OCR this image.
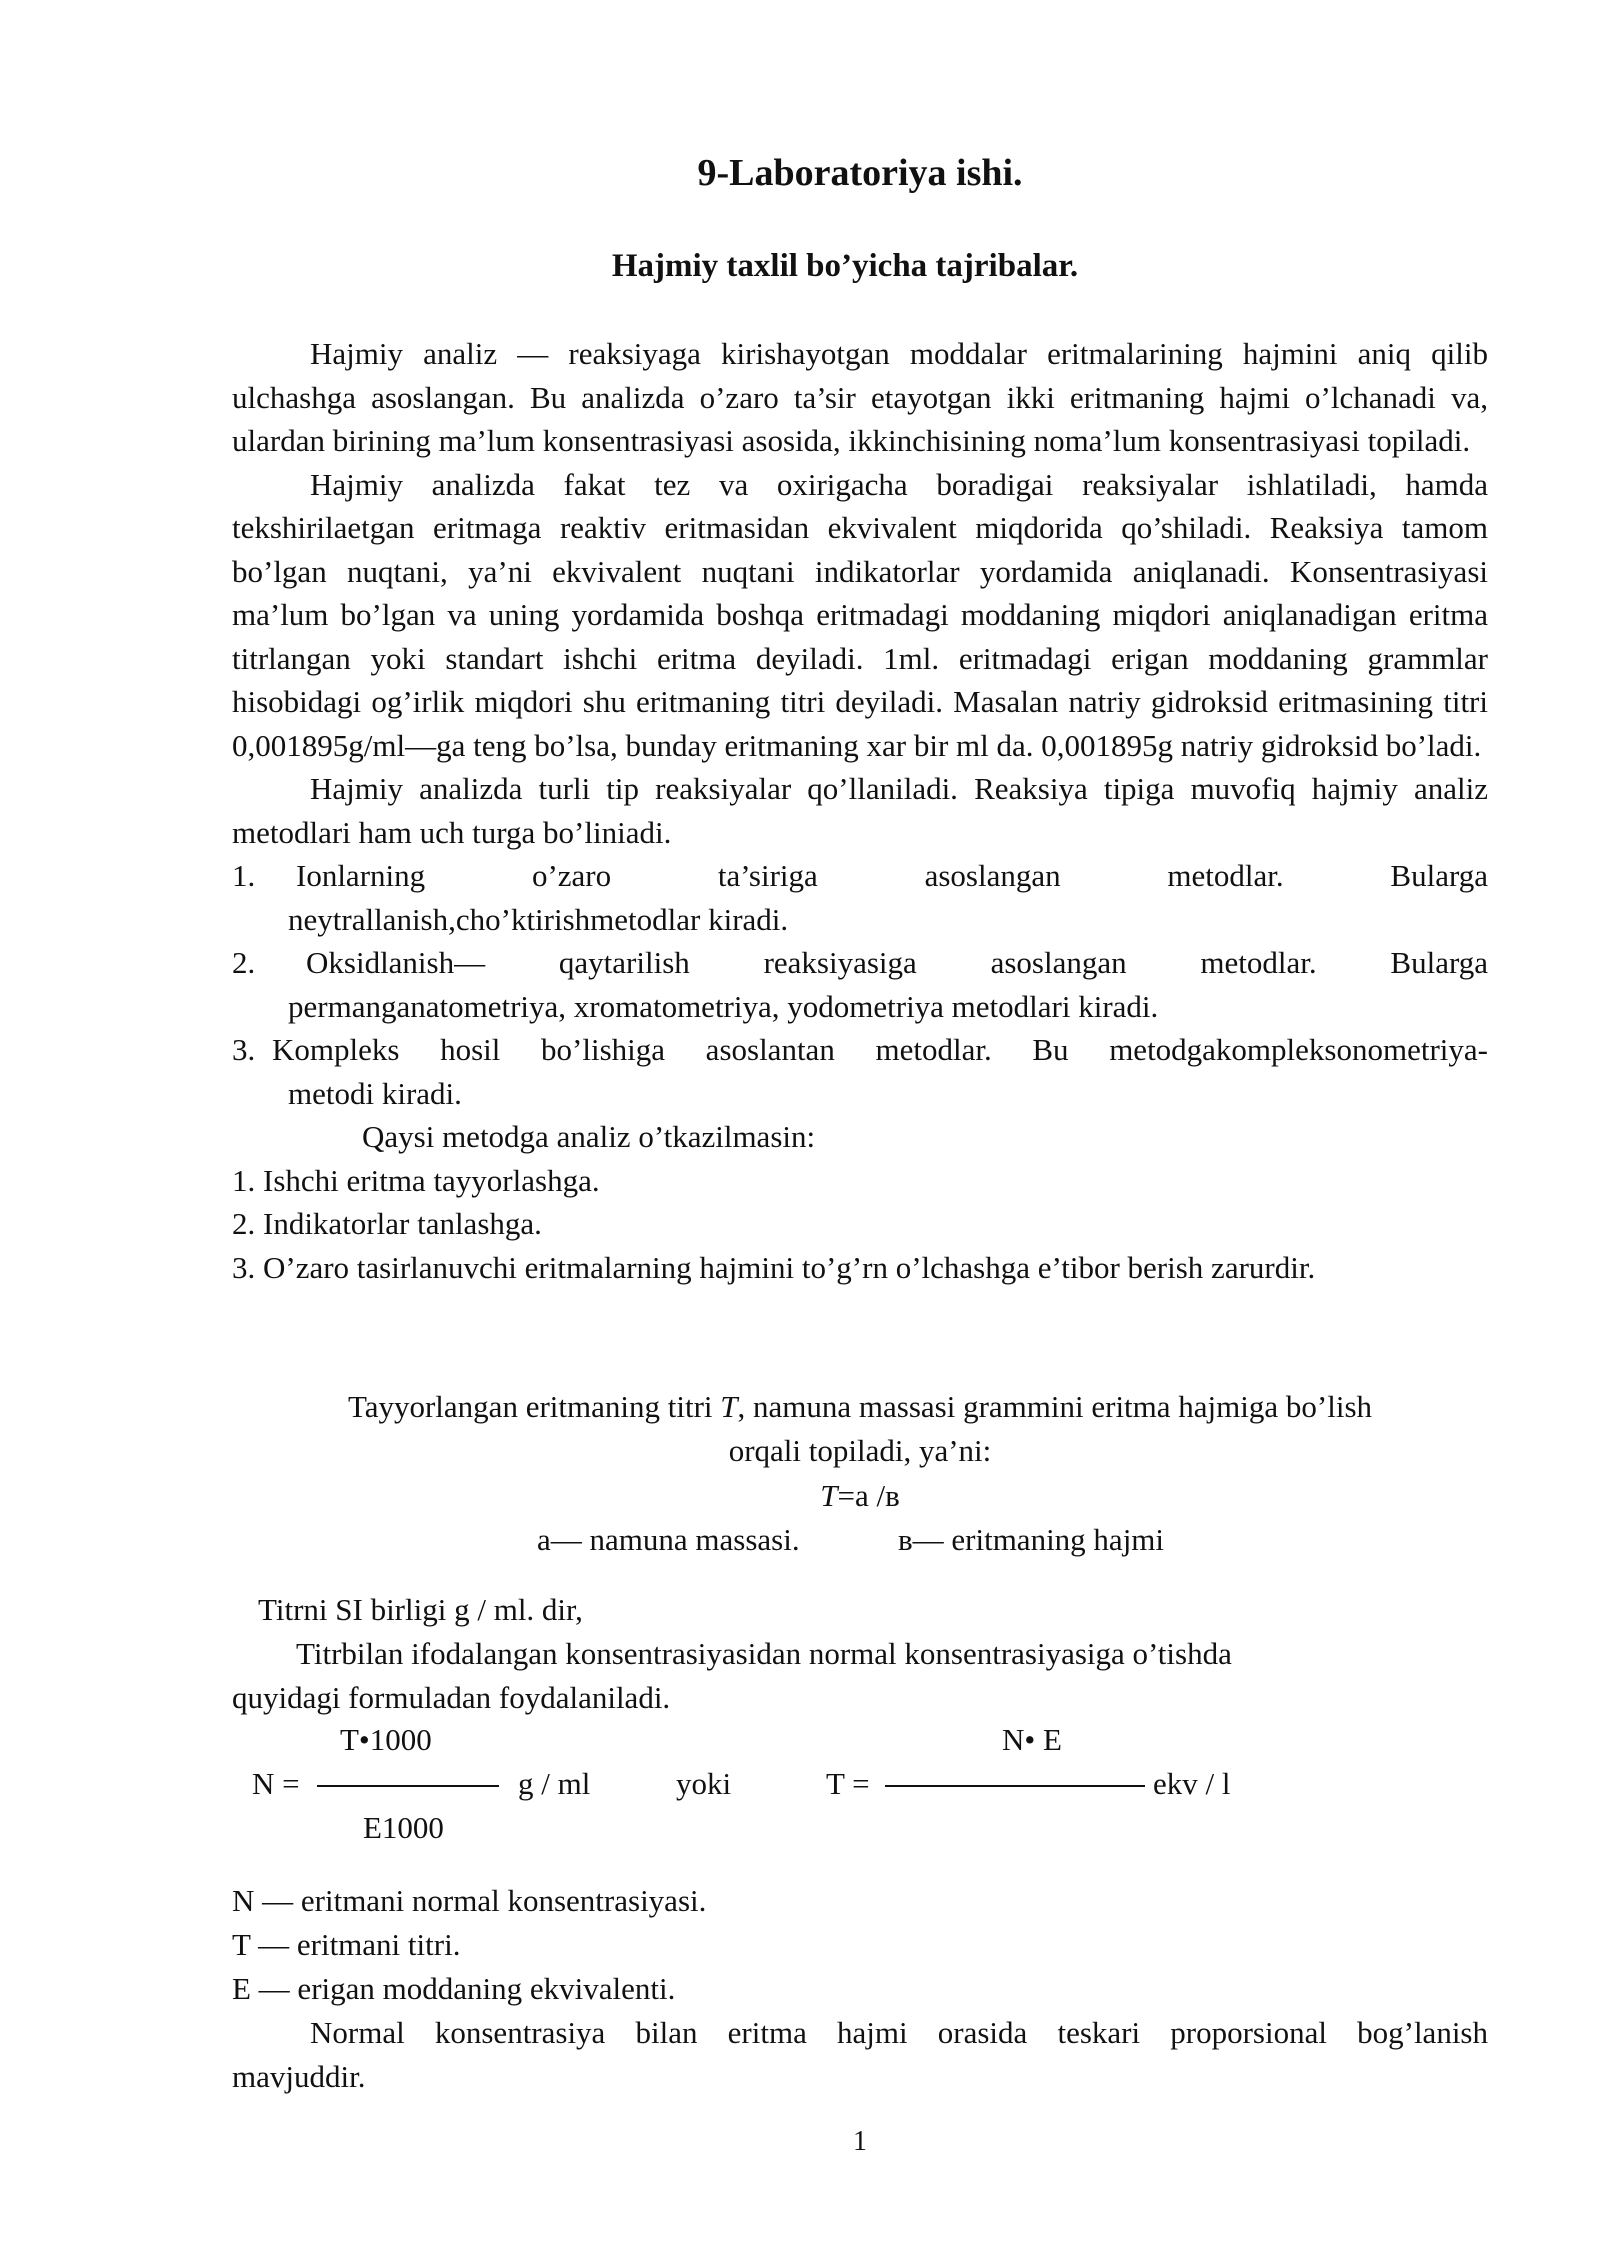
9-Laboratoriya ishi.
Hajmiy taxlil bo’yicha tajribalar.

Hajmiy analiz — reaksiyaga kirishayotgan moddalar eritmalarining hajmini aniq qilib ulchashga asoslangan. Bu analizda o’zaro ta’sir etayotgan ikki eritmaning hajmi o’lchanadi va, ulardan birining ma’lum konsentrasiyasi asosida, ikkinchisining noma’lum konsentrasiyasi topiladi.

Hajmiy analizda fakat tez va oxirigacha boradigai reaksiyalar ishlatiladi, hamda tekshirilaetgan eritmaga reaktiv eritmasidan ekvivalent miqdorida qo’shiladi. Reaksiya tamom bo’lgan nuqtani, ya’ni ekvivalent nuqtani indikatorlar yordamida aniqlanadi. Konsentrasiyasi ma’lum bo’lgan va uning yordamida boshqa eritmadagi moddaning miqdori aniqlanadigan eritma titrlangan yoki standart ishchi eritma deyiladi. 1ml. eritmadagi erigan moddaning grammlar hisobidagi og’irlik miqdori shu eritmaning titri deyiladi. Masalan natriy gidroksid eritmasining titri 0,001895g/ml—ga teng bo’lsa, bunday eritmaning xar bir ml da. 0,001895g natriy gidroksid bo’ladi.

Hajmiy analizda turli tip reaksiyalar qo’llaniladi. Reaksiya tipiga muvofiq hajmiy analiz metodlari ham uch turga bo’liniadi.

1.	Ionlarning o’zaro ta’siriga asoslangan metodlar. Bularga

neytrallanish,cho’ktirishmetodlar kiradi.

2.	Oksidlanish— qaytarilish reaksiyasiga asoslangan metodlar. Bularga

permanganatometriya, xromatometriya, yodometriya metodlari kiradi.

3. Kompleks hosil bo’lishiga asoslantan metodlar. Bu metodgakompleksonometriya-

metodi kiradi.

Qaysi metodga analiz o’tkazilmasin:

1. Ishchi eritma tayyorlashga.

2. Indikatorlar tanlashga.

3. O’zaro tasirlanuvchi eritmalarning hajmini to’g’rn o’lchashga e’tibor berish zarurdir.

Tayyorlangan eritmaning titri T, namuna massasi grammini eritma hajmiga bo’lish
orqali topiladi, ya’ni:
T=a /в
a— namuna massasi.	в— eritmaning hajmi
Titrni SI birligi g / ml. dir,
Titrbilan ifodalangan konsentrasiyasidan normal konsentrasiyasiga o’tishda
quyidagi formuladan foydalaniladi.
T•1000
N =	g / ml
E1000
yoki
N• E
T =	ekv / l
N — eritmani normal konsentrasiyasi.
T — eritmani titri.
E — erigan moddaning ekvivalenti.
Normal konsentrasiya bilan eritma hajmi orasida teskari proporsional bog’lanish
mavjuddir.
1
